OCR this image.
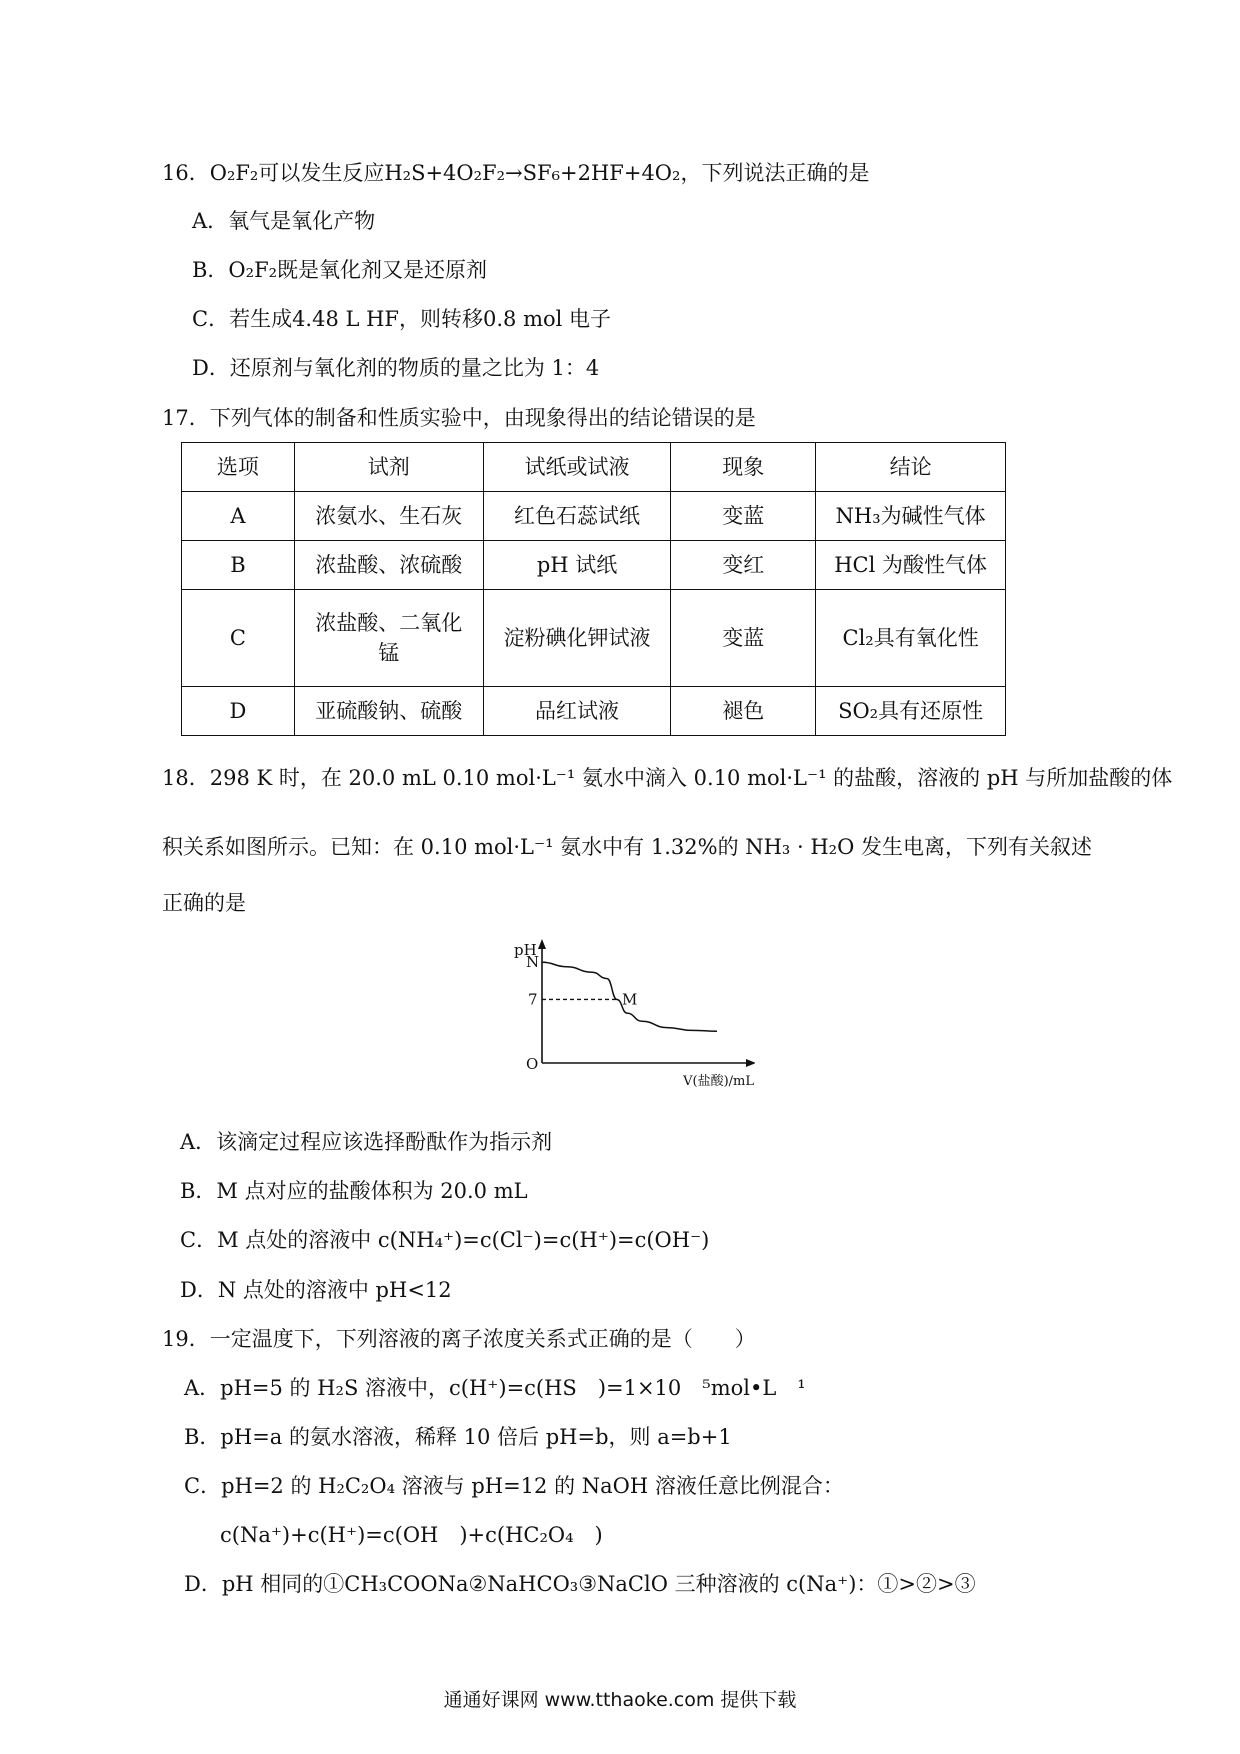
16．O₂F₂可以发生反应H₂S+4O₂F₂→SF₆+2HF+4O₂，下列说法正确的是
A．氧气是氧化产物
B．O₂F₂既是氧化剂又是还原剂
C．若生成4.48 L HF，则转移0.8 mol 电子
D．还原剂与氧化剂的物质的量之比为 1：4
17．下列气体的制备和性质实验中，由现象得出的结论错误的是
选项	试剂	试纸或试液	现象	结论
A	浓氨水、生石灰	红色石蕊试纸	变蓝	NH₃为碱性气体
B	浓盐酸、浓硫酸	pH 试纸	变红	HCl 为酸性气体
C	浓盐酸、二氧化锰	淀粉碘化钾试液	变蓝	Cl₂具有氧化性
D	亚硫酸钠、硫酸	品红试液	褪色	SO₂具有还原性
18．298 K 时，在 20.0 mL 0.10 mol·L⁻¹ 氨水中滴入 0.10 mol·L⁻¹ 的盐酸，溶液的 pH 与所加盐酸的体
积关系如图所示。已知：在 0.10 mol·L⁻¹ 氨水中有 1.32%的 NH₃ · H₂O 发生电离，下列有关叙述
正确的是
pH
O
V(盐酸)/mL
N
7	M
A．该滴定过程应该选择酚酞作为指示剂
B．M 点对应的盐酸体积为 20.0 mL
C．M 点处的溶液中 c(NH₄⁺)=c(Cl⁻)=c(H⁺)=c(OH⁻)
D．N 点处的溶液中 pH<12
19．一定温度下，下列溶液的离子浓度关系式正确的是（　　）
A．pH=5 的 H₂S 溶液中，c(H⁺)=c(HS　)=1×10　⁵mol•L　¹
B．pH=a 的氨水溶液，稀释 10 倍后 pH=b，则 a=b+1
C．pH=2 的 H₂C₂O₄ 溶液与 pH=12 的 NaOH 溶液任意比例混合：
c(Na⁺)+c(H⁺)=c(OH　)+c(HC₂O₄　)
D．pH 相同的①CH₃COONa②NaHCO₃③NaClO 三种溶液的 c(Na⁺)：①>②>③
通通好课网 www.tthaoke.com 提供下载
